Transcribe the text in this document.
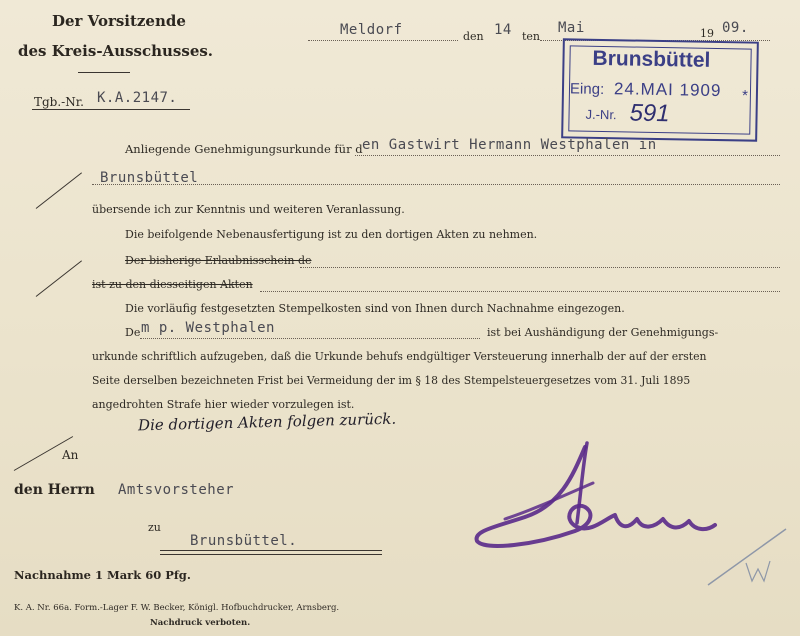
Der Vorsitzende
des Kreis-Ausschusses.
Tgb.-Nr. K.A.2147.
Meldorf	den 14 ten
Mai	19 09.
Brunsbüttel
Eing: 24.MAI 1909 *
J.-Nr. 591
Anliegende Genehmigungsurkunde für d en Gastwirt Hermann Westphalen in
Brunsbüttel
übersende ich zur Kenntnis und weiteren Veranlassung.
Die beifolgende Nebenausfertigung ist zu den dortigen Akten zu nehmen.
Der bisherige Erlaubnisschein de
ist zu den diesseitigen Akten
Die vorläufig festgesetzten Stempelkosten sind von Ihnen durch Nachnahme eingezogen.
De m p. Westphalen	ist bei Aushändigung der Genehmigungs-
urkunde schriftlich aufzugeben, daß die Urkunde behufs endgültiger Versteuerung innerhalb der auf der ersten
Seite derselben bezeichneten Frist bei Vermeidung der im § 18 des Stempelsteuergesetzes vom 31. Juli 1895
angedrohten Strafe hier wieder vorzulegen ist.
Die dortigen Akten folgen zurück.
An
den Herrn Amtsvorsteher
zu
Brunsbüttel.
Nachnahme 1 Mark 60 Pfg.
K. A. Nr. 66a. Form.-Lager F. W. Becker, Königl. Hofbuchdrucker, Arnsberg.
Nachdruck verboten.
